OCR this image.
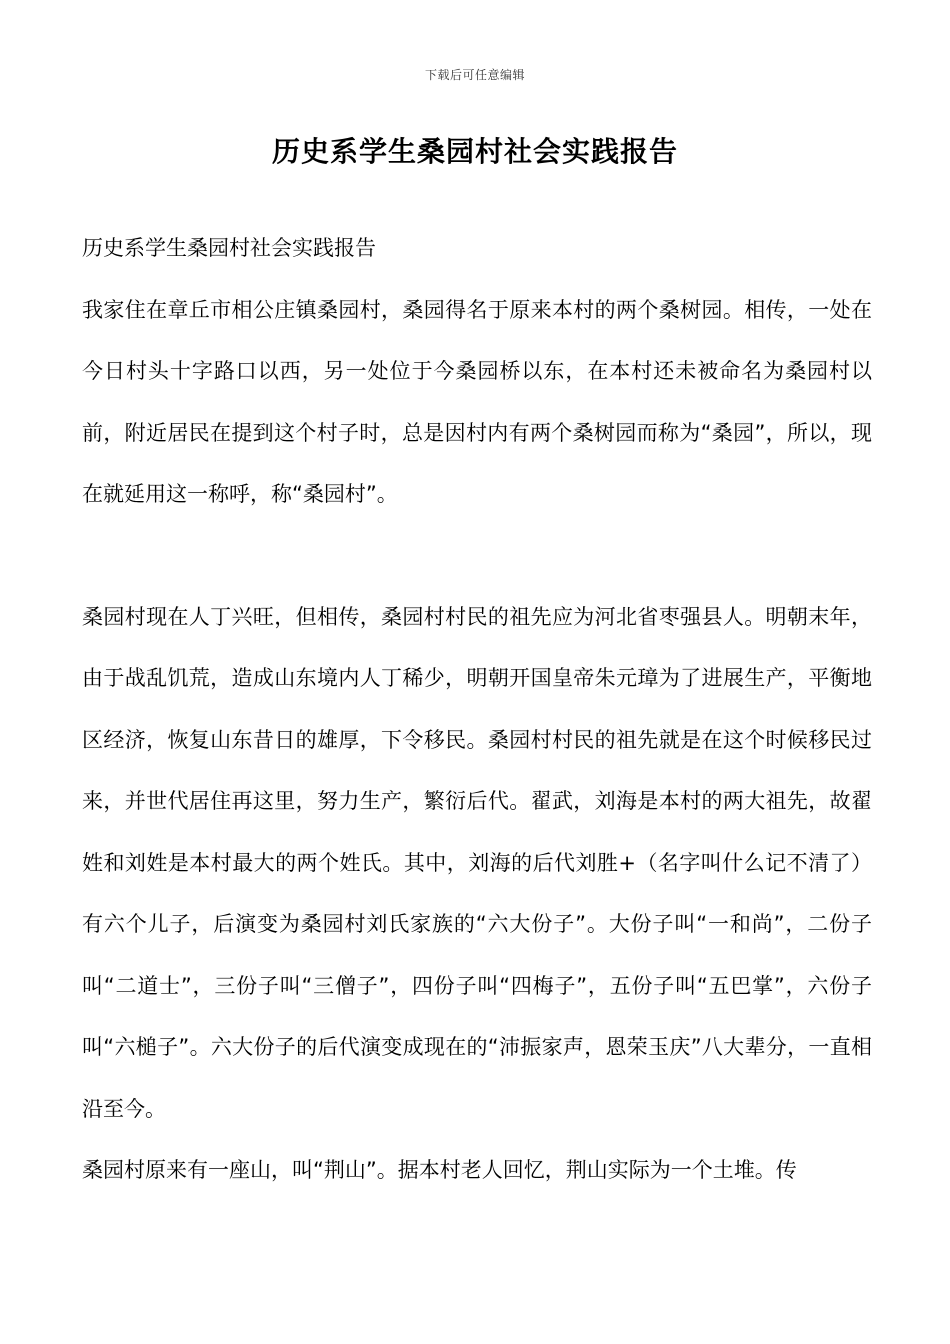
下载后可任意编辑
历史系学生桑园村社会实践报告

历史系学生桑园村社会实践报告

我家住在章丘市相公庄镇桑园村，桑园得名于原来本村的两个桑树园。相传，一处在今日村头十字路口以西，另一处位于今桑园桥以东，在本村还未被命名为桑园村以前，附近居民在提到这个村子时，总是因村内有两个桑树园而称为“桑园”，所以，现在就延用这一称呼，称“桑园村”。

桑园村现在人丁兴旺，但相传，桑园村村民的祖先应为河北省枣强县人。明朝末年，由于战乱饥荒，造成山东境内人丁稀少，明朝开国皇帝朱元璋为了进展生产，平衡地区经济，恢复山东昔日的雄厚，下令移民。桑园村村民的祖先就是在这个时候移民过来，并世代居住再这里，努力生产，繁衍后代。翟武，刘海是本村的两大祖先，故翟姓和刘姓是本村最大的两个姓氏。其中，刘海的后代刘胜+（名字叫什么记不清了）有六个儿子，后演变为桑园村刘氏家族的“六大份子”。大份子叫“一和尚”，二份子叫“二道士”，三份子叫“三僧子”，四份子叫“四梅子”，五份子叫“五巴掌”，六份子叫“六槌子”。六大份子的后代演变成现在的“沛振家声，恩荣玉庆”八大辈分，一直相沿至今。

桑园村原来有一座山，叫“荆山”。据本村老人回忆，荆山实际为一个土堆。传
